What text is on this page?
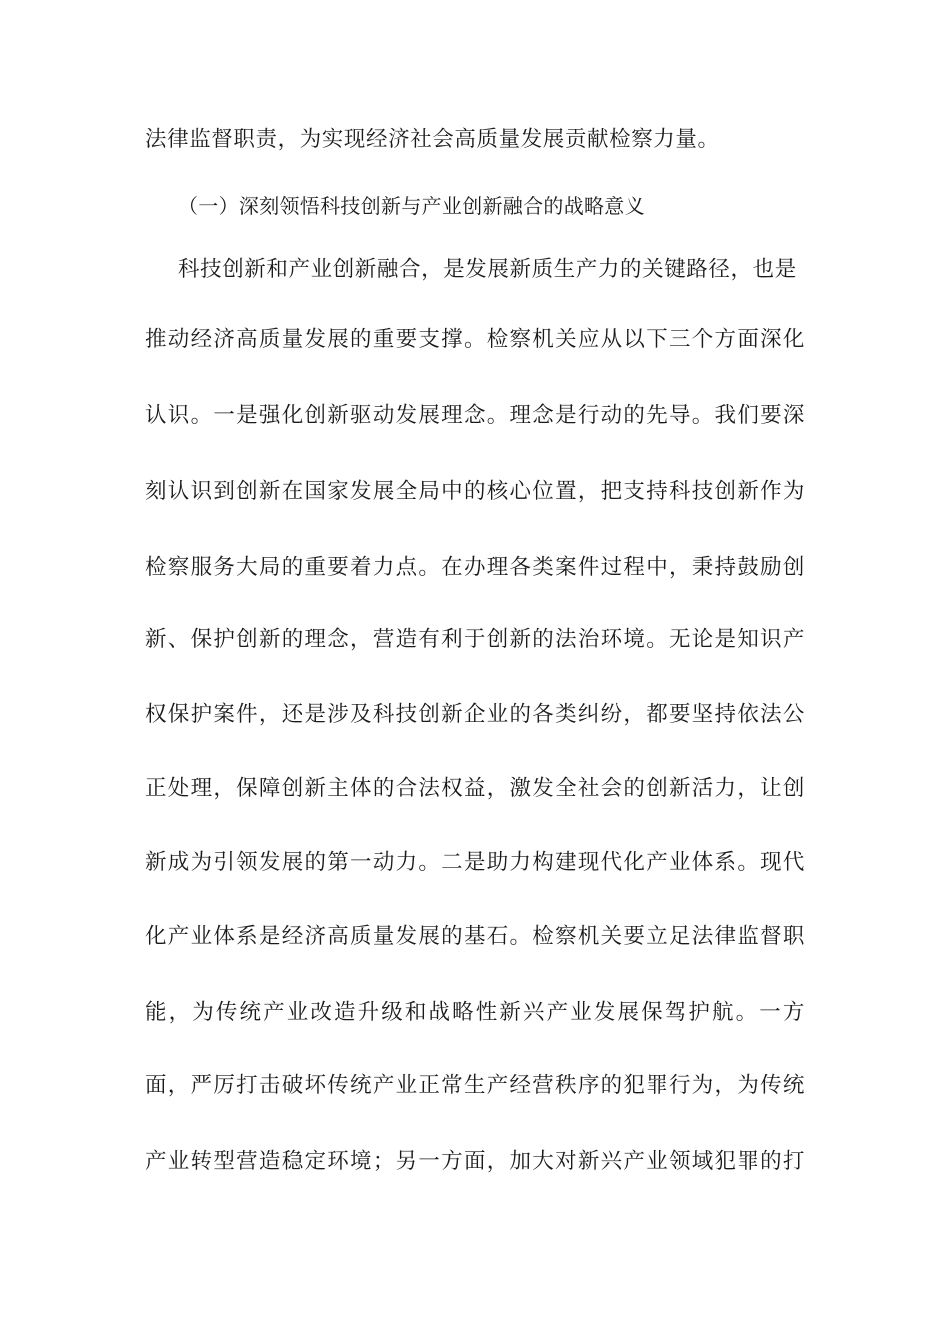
法律监督职责，为实现经济社会高质量发展贡献检察力量。
（一）深刻领悟科技创新与产业创新融合的战略意义
科技创新和产业创新融合，是发展新质生产力的关键路径，也是
推动经济高质量发展的重要支撑。检察机关应从以下三个方面深化
认识。一是强化创新驱动发展理念。理念是行动的先导。我们要深
刻认识到创新在国家发展全局中的核心位置，把支持科技创新作为
检察服务大局的重要着力点。在办理各类案件过程中，秉持鼓励创
新、保护创新的理念，营造有利于创新的法治环境。无论是知识产
权保护案件，还是涉及科技创新企业的各类纠纷，都要坚持依法公
正处理，保障创新主体的合法权益，激发全社会的创新活力，让创
新成为引领发展的第一动力。二是助力构建现代化产业体系。现代
化产业体系是经济高质量发展的基石。检察机关要立足法律监督职
能，为传统产业改造升级和战略性新兴产业发展保驾护航。一方
面，严厉打击破坏传统产业正常生产经营秩序的犯罪行为，为传统
产业转型营造稳定环境；另一方面，加大对新兴产业领域犯罪的打
